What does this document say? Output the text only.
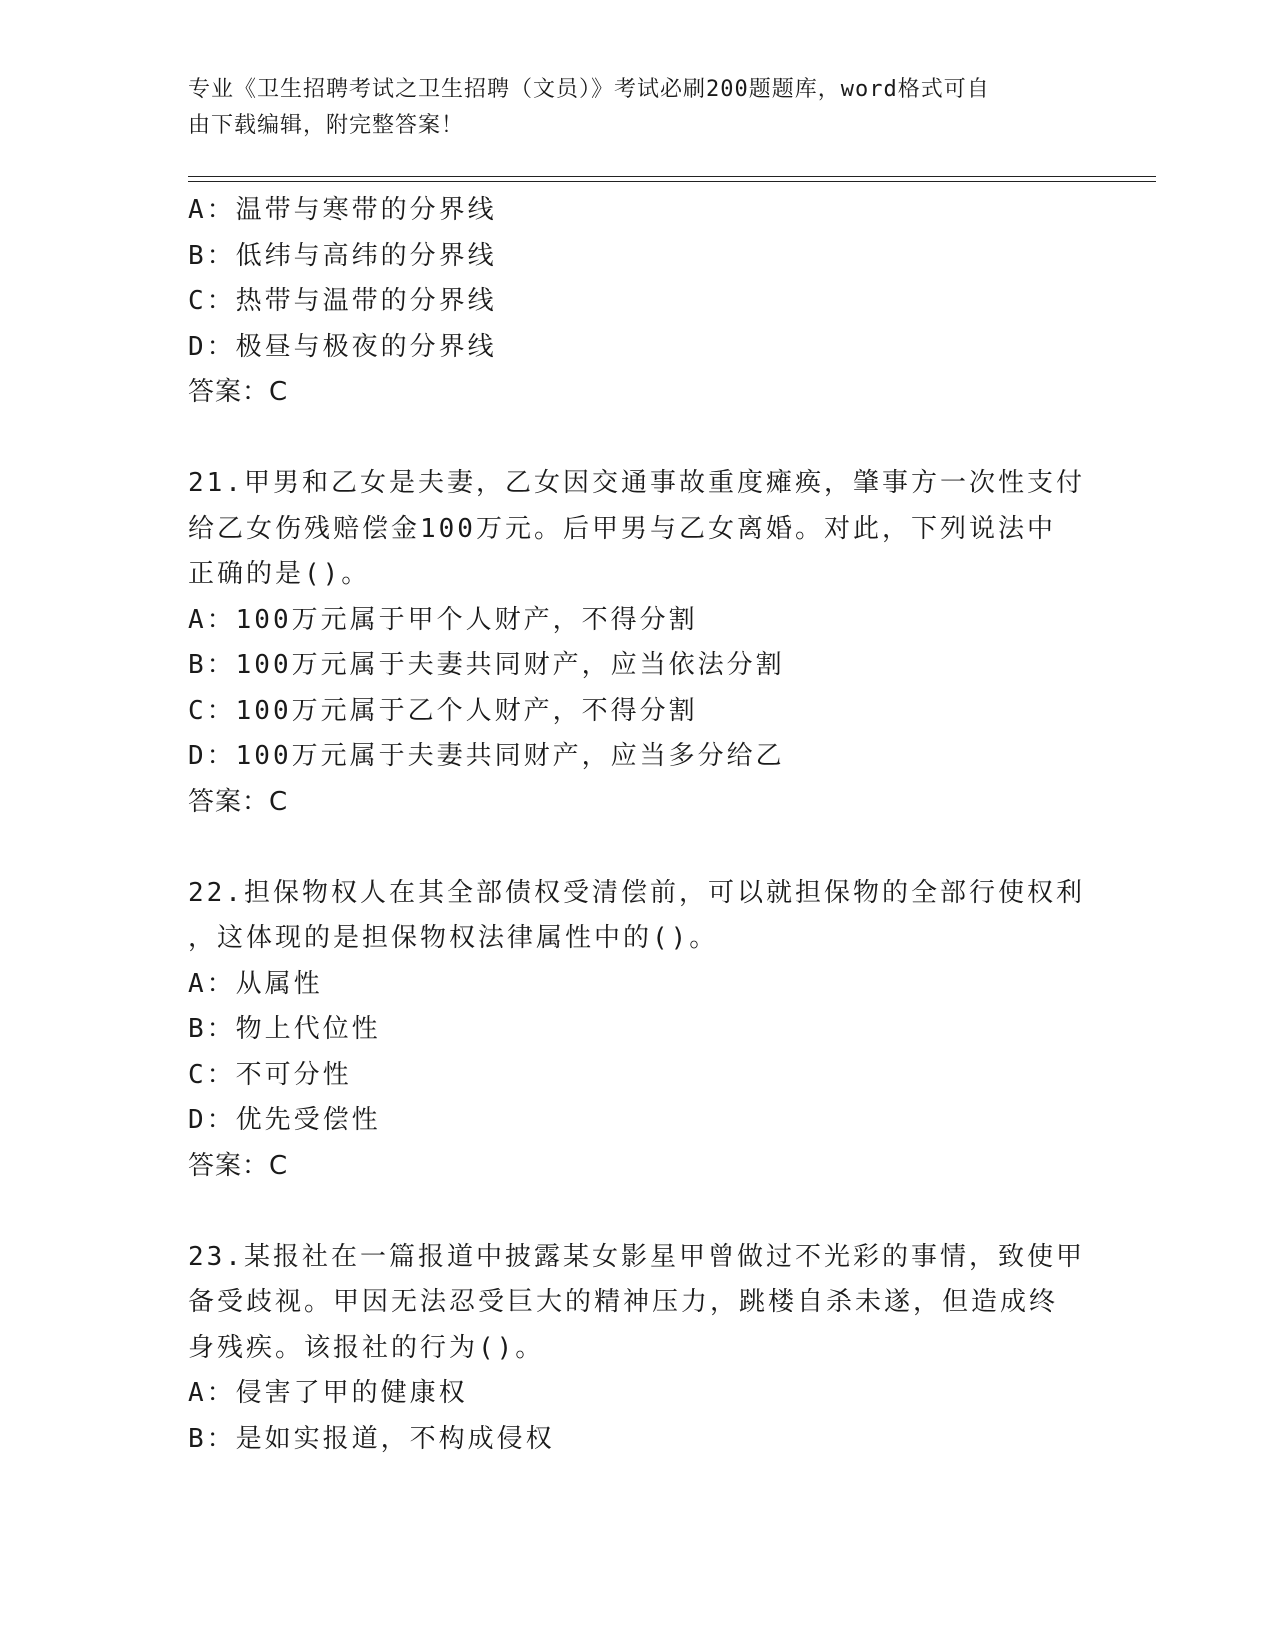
专业《卫生招聘考试之卫生招聘（文员）》考试必刷200题题库，word格式可自
由下载编辑，附完整答案！
A：温带与寒带的分界线
B：低纬与高纬的分界线
C：热带与温带的分界线
D：极昼与极夜的分界线
答案：C
21.甲男和乙女是夫妻，乙女因交通事故重度瘫痪，肇事方一次性支付
给乙女伤残赔偿金100万元。后甲男与乙女离婚。对此，下列说法中
正确的是()。
A：100万元属于甲个人财产，不得分割
B：100万元属于夫妻共同财产，应当依法分割
C：100万元属于乙个人财产，不得分割
D：100万元属于夫妻共同财产，应当多分给乙
答案：C
22.担保物权人在其全部债权受清偿前，可以就担保物的全部行使权利
，这体现的是担保物权法律属性中的()。
A：从属性
B：物上代位性
C：不可分性
D：优先受偿性
答案：C
23.某报社在一篇报道中披露某女影星甲曾做过不光彩的事情，致使甲
备受歧视。甲因无法忍受巨大的精神压力，跳楼自杀未遂，但造成终
身残疾。该报社的行为()。
A：侵害了甲的健康权
B：是如实报道，不构成侵权
